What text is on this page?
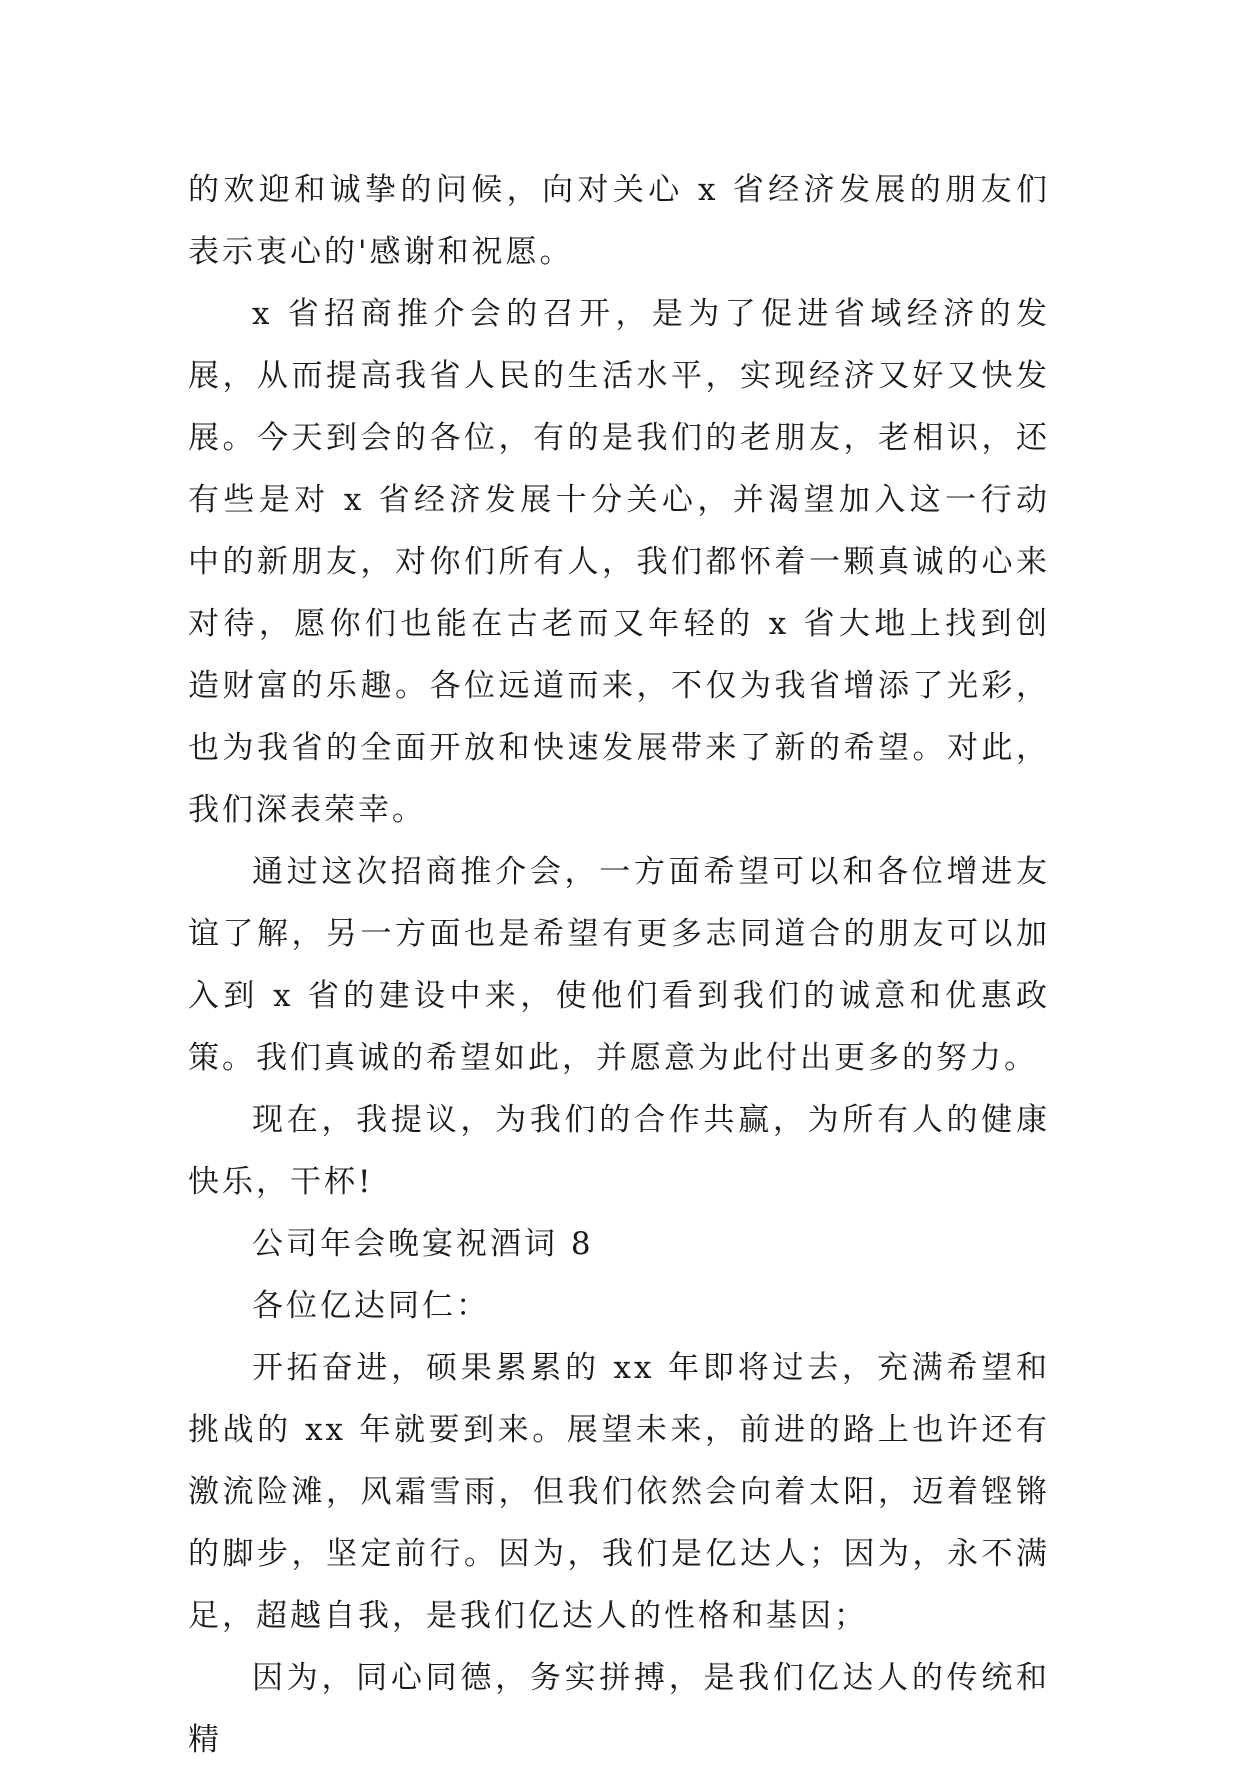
的欢迎和诚挚的问候，向对关心 x 省经济发展的朋友们表示衷心的'感谢和祝愿。

x 省招商推介会的召开，是为了促进省域经济的发展，从而提高我省人民的生活水平，实现经济又好又快发展。今天到会的各位，有的是我们的老朋友，老相识，还有些是对 x 省经济发展十分关心，并渴望加入这一行动中的新朋友，对你们所有人，我们都怀着一颗真诚的心来对待，愿你们也能在古老而又年轻的 x 省大地上找到创造财富的乐趣。各位远道而来，不仅为我省增添了光彩，也为我省的全面开放和快速发展带来了新的希望。对此，我们深表荣幸。

通过这次招商推介会，一方面希望可以和各位增进友谊了解，另一方面也是希望有更多志同道合的朋友可以加入到 x 省的建设中来，使他们看到我们的诚意和优惠政策。我们真诚的希望如此，并愿意为此付出更多的努力。

现在，我提议，为我们的合作共赢，为所有人的健康快乐，干杯!

公司年会晚宴祝酒词 8

各位亿达同仁：

开拓奋进，硕果累累的 xx 年即将过去，充满希望和挑战的 xx 年就要到来。展望未来，前进的路上也许还有激流险滩，风霜雪雨，但我们依然会向着太阳，迈着铿锵的脚步，坚定前行。因为，我们是亿达人；因为，永不满足，超越自我，是我们亿达人的性格和基因；

因为，同心同德，务实拼搏，是我们亿达人的传统和精
